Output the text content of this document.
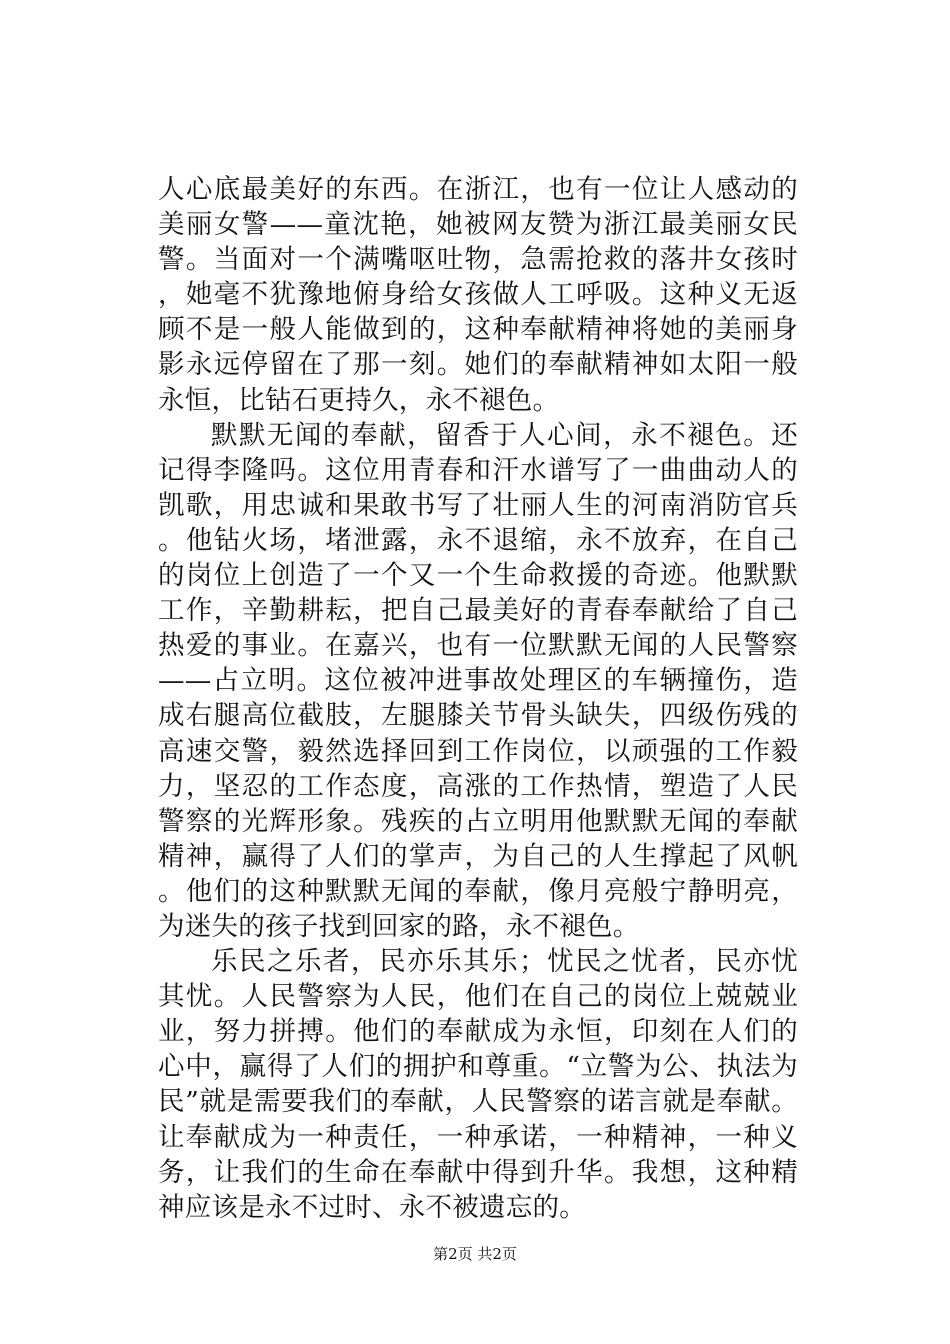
人心底最美好的东西。在浙江，也有一位让人感动的美丽女警——童沈艳，她被网友赞为浙江最美丽女民警。当面对一个满嘴呕吐物，急需抢救的落井女孩时，她毫不犹豫地俯身给女孩做人工呼吸。这种义无返顾不是一般人能做到的，这种奉献精神将她的美丽身影永远停留在了那一刻。她们的奉献精神如太阳一般永恒，比钻石更持久，永不褪色。

默默无闻的奉献，留香于人心间，永不褪色。还记得李隆吗。这位用青春和汗水谱写了一曲曲动人的凯歌，用忠诚和果敢书写了壮丽人生的河南消防官兵。他钻火场，堵泄露，永不退缩，永不放弃，在自己的岗位上创造了一个又一个生命救援的奇迹。他默默工作，辛勤耕耘，把自己最美好的青春奉献给了自己热爱的事业。在嘉兴，也有一位默默无闻的人民警察——占立明。这位被冲进事故处理区的车辆撞伤，造成右腿高位截肢，左腿膝关节骨头缺失，四级伤残的高速交警，毅然选择回到工作岗位，以顽强的工作毅力，坚忍的工作态度，高涨的工作热情，塑造了人民警察的光辉形象。残疾的占立明用他默默无闻的奉献精神，赢得了人们的掌声，为自己的人生撑起了风帆。他们的这种默默无闻的奉献，像月亮般宁静明亮，为迷失的孩子找到回家的路，永不褪色。

乐民之乐者，民亦乐其乐；忧民之忧者，民亦忧其忧。人民警察为人民，他们在自己的岗位上兢兢业业，努力拼搏。他们的奉献成为永恒，印刻在人们的心中，赢得了人们的拥护和尊重。“立警为公、执法为民”就是需要我们的奉献，人民警察的诺言就是奉献。让奉献成为一种责任，一种承诺，一种精神，一种义务，让我们的生命在奉献中得到升华。我想，这种精神应该是永不过时、永不被遗忘的。

第2页 共2页
